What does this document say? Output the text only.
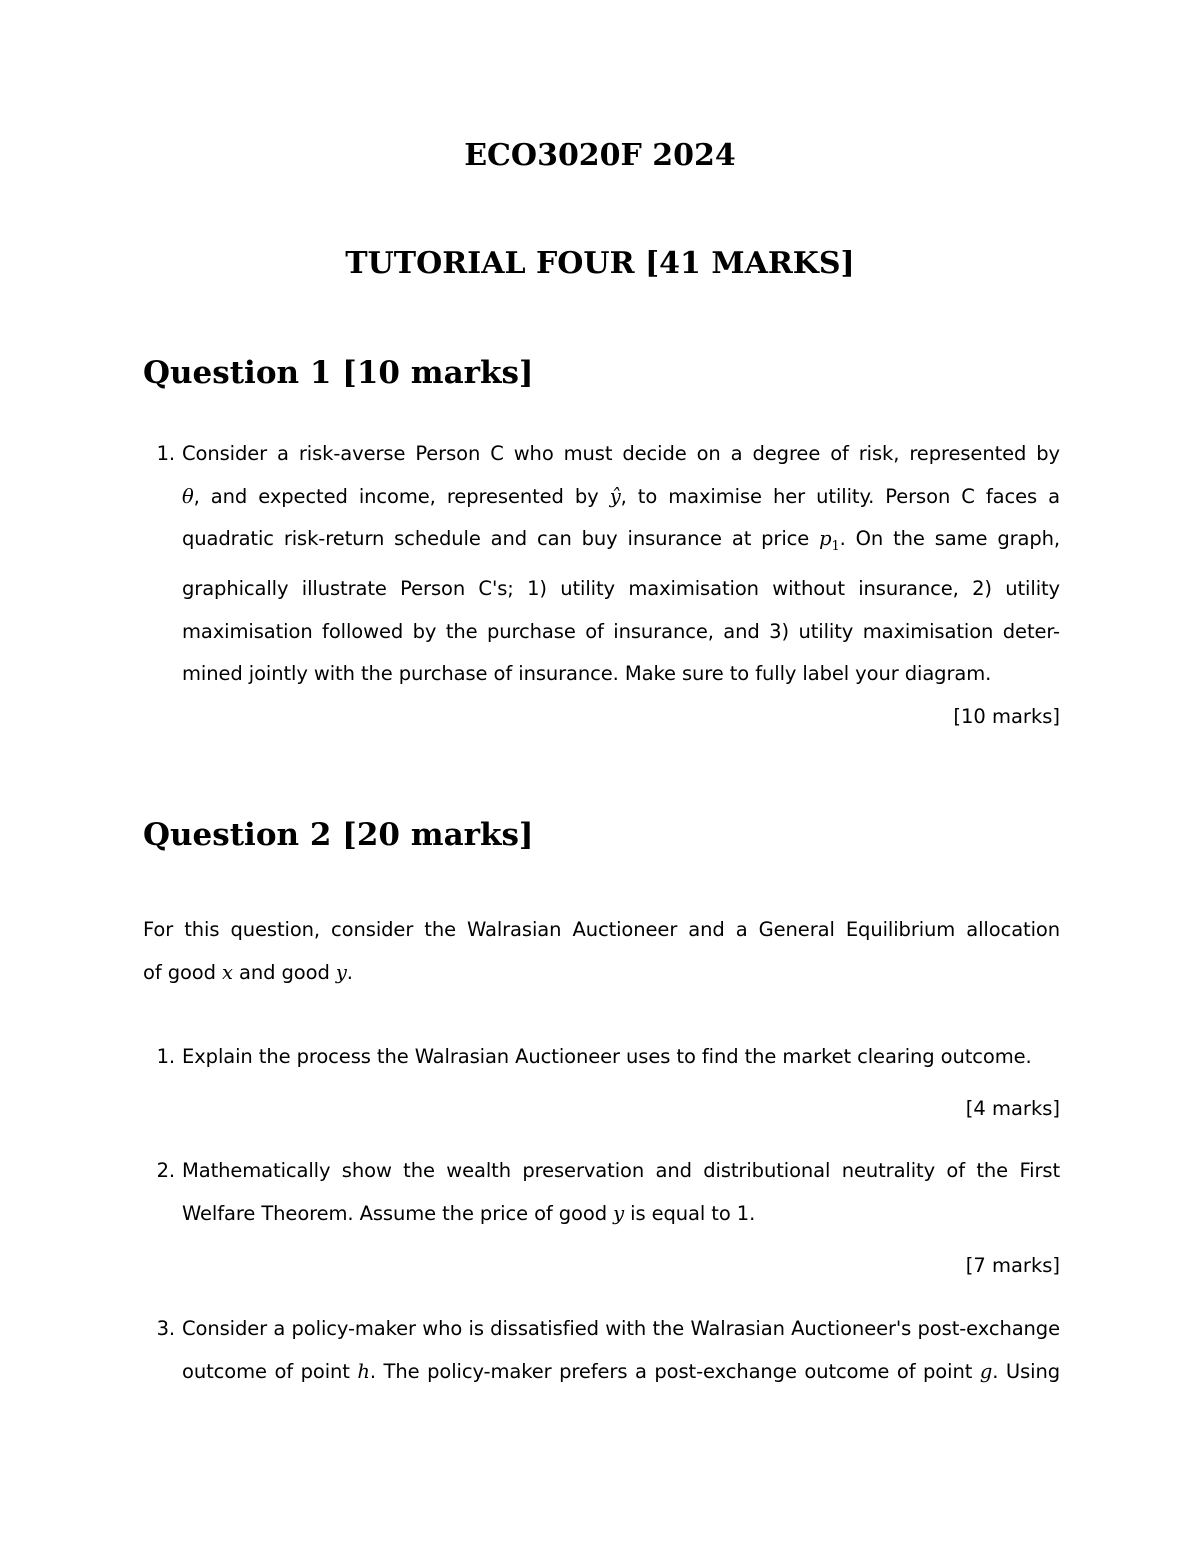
ECO3020F 2024
TUTORIAL FOUR [41 MARKS]
Question 1 [10 marks]
1. Consider a risk-averse Person C who must decide on a degree of risk, represented by
θ, and expected income, represented by ŷ, to maximise her utility. Person C faces a
quadratic risk-return schedule and can buy insurance at price $p_1$. On the same graph,
graphically illustrate Person C's; 1) utility maximisation without insurance, 2) utility
maximisation followed by the purchase of insurance, and 3) utility maximisation deter-
mined jointly with the purchase of insurance. Make sure to fully label your diagram.
[10 marks]
Question 2 [20 marks]
For this question, consider the Walrasian Auctioneer and a General Equilibrium allocation
of good x and good y.
1. Explain the process the Walrasian Auctioneer uses to find the market clearing outcome.
[4 marks]
2. Mathematically show the wealth preservation and distributional neutrality of the First
Welfare Theorem. Assume the price of good y is equal to 1.
[7 marks]
3. Consider a policy-maker who is dissatisfied with the Walrasian Auctioneer's post-exchange
outcome of point h. The policy-maker prefers a post-exchange outcome of point g. Using
